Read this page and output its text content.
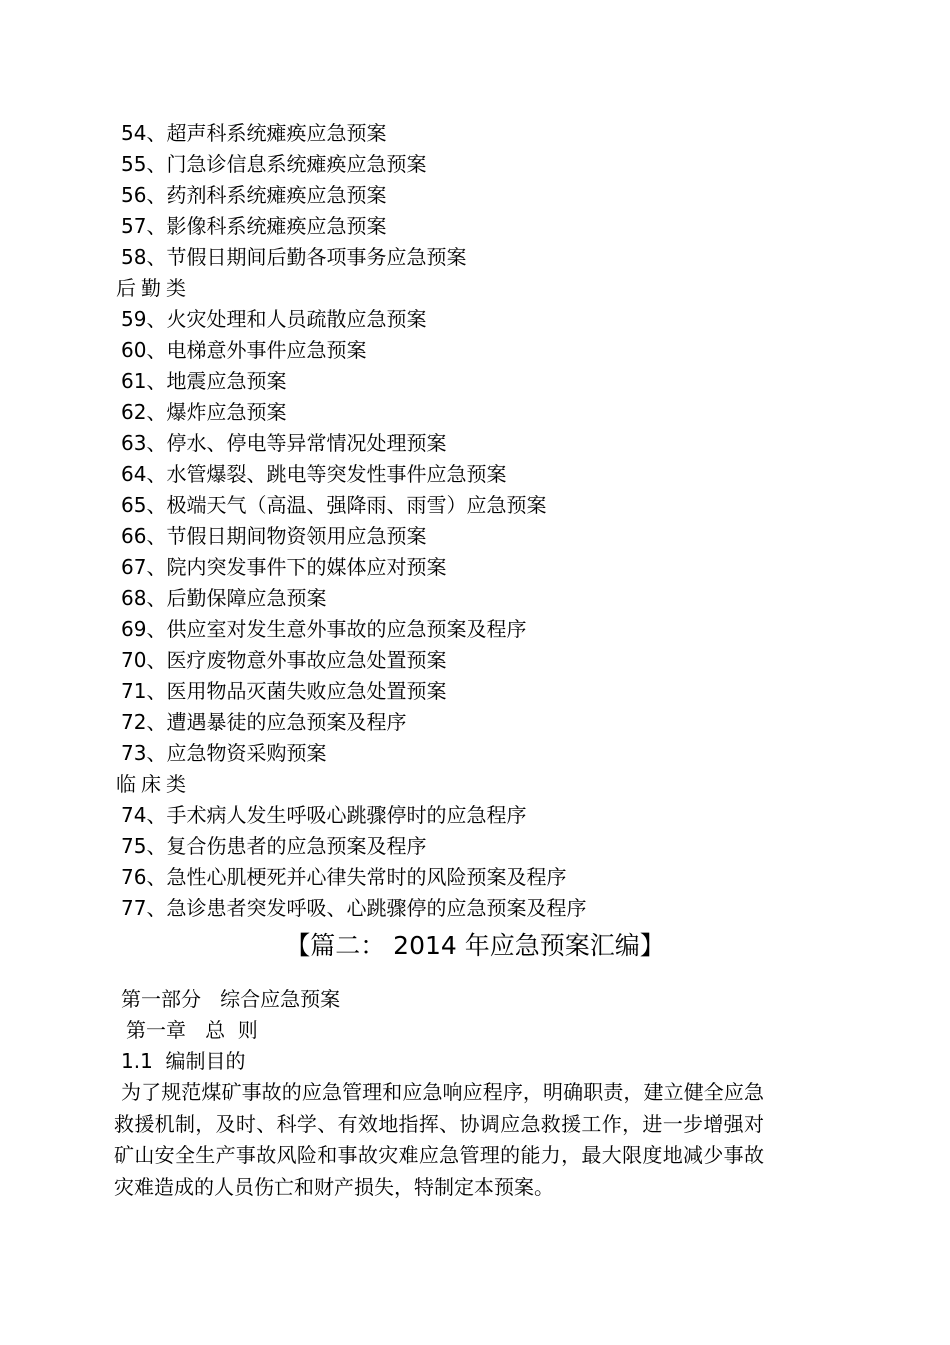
54、超声科系统瘫痪应急预案
55、门急诊信息系统瘫痪应急预案
56、药剂科系统瘫痪应急预案
57、影像科系统瘫痪应急预案
58、节假日期间后勤各项事务应急预案
后勤类
59、火灾处理和人员疏散应急预案
60、电梯意外事件应急预案
61、地震应急预案
62、爆炸应急预案
63、停水、停电等异常情况处理预案
64、水管爆裂、跳电等突发性事件应急预案
65、极端天气（高温、强降雨、雨雪）应急预案
66、节假日期间物资领用应急预案
67、院内突发事件下的媒体应对预案
68、后勤保障应急预案
69、供应室对发生意外事故的应急预案及程序
70、医疗废物意外事故应急处置预案
71、医用物品灭菌失败应急处置预案
72、遭遇暴徒的应急预案及程序
73、应急物资采购预案
临床类
74、手术病人发生呼吸心跳骤停时的应急程序
75、复合伤患者的应急预案及程序
76、急性心肌梗死并心律失常时的风险预案及程序
77、急诊患者突发呼吸、心跳骤停的应急预案及程序
【篇二： 2014 年应急预案汇编】
第一部分   综合应急预案
第一章   总  则
1.1  编制目的
为了规范煤矿事故的应急管理和应急响应程序，明确职责，建立健全应急救援机制，及时、科学、有效地指挥、协调应急救援工作，进一步增强对矿山安全生产事故风险和事故灾难应急管理的能力，最大限度地减少事故灾难造成的人员伤亡和财产损失，特制定本预案。
